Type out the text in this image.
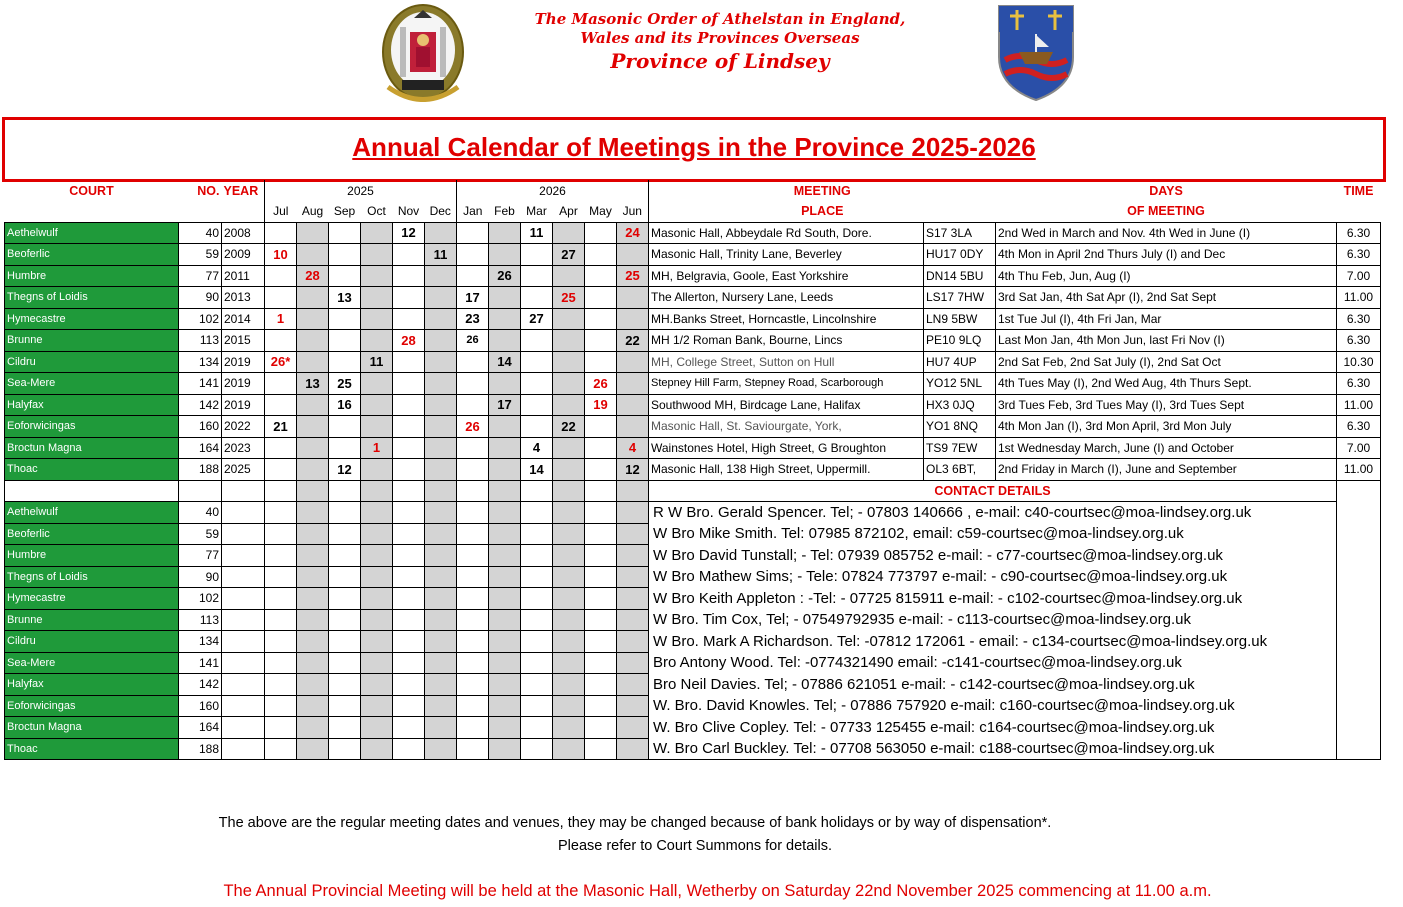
The Masonic Order of Athelstan in England,
Wales and its Provinces Overseas
Province of Lindsey
Annual Calendar of Meetings in the Province 2025-2026
COURT	NO.	YEAR	2025						2026						MEETING		DAYS	TIME
			Jul	Aug	Sep	Oct	Nov	Dec	Jan	Feb	Mar	Apr	May	Jun	PLACE		OF MEETING	
Aethelwulf	40	2008					12				11			24	Masonic Hall, Abbeydale Rd South, Dore.	S17 3LA	2nd Wed in March and Nov. 4th Wed in June (I)	6.30
Beoferlic	59	2009	10					11				27			Masonic Hall, Trinity Lane, Beverley	HU17 0DY	4th Mon in April 2nd Thurs July (I) and Dec	6.30
Humbre	77	2011		28						26				25	MH, Belgravia, Goole, East Yorkshire	DN14 5BU	4th Thu Feb, Jun, Aug (I)	7.00
Thegns of Loidis	90	2013			13				17			25			The Allerton, Nursery Lane, Leeds	LS17 7HW	3rd Sat Jan, 4th Sat Apr (I), 2nd Sat Sept	11.00
Hymecastre	102	2014	1						23		27				MH.Banks Street, Horncastle, Lincolnshire	LN9 5BW	1st Tue Jul (I), 4th Fri Jan, Mar	6.30
Brunne	113	2015					28		26					22	MH 1/2 Roman Bank, Bourne, Lincs	PE10 9LQ	Last Mon Jan, 4th Mon Jun, last Fri Nov (I)	6.30
Cildru	134	2019	26*			11				14					MH, College Street, Sutton on Hull	HU7 4UP	2nd Sat Feb, 2nd Sat July (I), 2nd Sat Oct	10.30
Sea-Mere	141	2019		13	25								26		Stepney Hill Farm, Stepney Road, Scarborough	YO12 5NL	4th Tues May (I), 2nd Wed Aug, 4th Thurs Sept.	6.30
Halyfax	142	2019			16					17			19		Southwood MH, Birdcage Lane, Halifax	HX3 0JQ	3rd Tues Feb, 3rd Tues May (I), 3rd Tues Sept	11.00
Eoforwicingas	160	2022	21						26			22			Masonic Hall, St. Saviourgate, York,	YO1 8NQ	4th Mon Jan (I), 3rd Mon April, 3rd Mon July	6.30
Broctun Magna	164	2023				1					4			4	Wainstones Hotel, High Street, G Broughton	TS9 7EW	1st Wednesday March, June (I) and October	7.00
Thoac	188	2025			12						14			12	Masonic Hall, 138 High Street, Uppermill.	OL3 6BT,	2nd Friday in March (I), June and September	11.00
															CONTACT DETAILS			
Aethelwulf	40														R W Bro. Gerald Spencer. Tel; - 07803 140666 , e-mail: c40-courtsec@moa-lindsey.org.uk			
Beoferlic	59														W Bro Mike Smith. Tel: 07985 872102, email: c59-courtsec@moa-lindsey.org.uk			
Humbre	77														W Bro David Tunstall; - Tel: 07939 085752 e-mail: - c77-courtsec@moa-lindsey.org.uk			
Thegns of Loidis	90														W Bro Mathew Sims; - Tele: 07824 773797 e-mail: - c90-courtsec@moa-lindsey.org.uk			
Hymecastre	102														W Bro Keith Appleton : -Tel: - 07725 815911 e-mail: - c102-courtsec@moa-lindsey.org.uk			
Brunne	113														W Bro. Tim Cox, Tel; - 07549792935 e-mail: - c113-courtsec@moa-lindsey.org.uk			
Cildru	134														W Bro. Mark A Richardson. Tel: -07812 172061 - email: - c134-courtsec@moa-lindsey.org.uk			
Sea-Mere	141														Bro Antony Wood. Tel: -0774321490 email: -c141-courtsec@moa-lindsey.org.uk			
Halyfax	142														Bro Neil Davies. Tel; - 07886 621051 e-mail: - c142-courtsec@moa-lindsey.org.uk			
Eoforwicingas	160														W. Bro. David Knowles. Tel; - 07886 757920 e-mail: c160-courtsec@moa-lindsey.org.uk			
Broctun Magna	164														W. Bro Clive Copley. Tel: - 07733 125455 e-mail: c164-courtsec@moa-lindsey.org.uk			
Thoac	188														W. Bro Carl Buckley. Tel: - 07708 563050 e-mail: c188-courtsec@moa-lindsey.org.uk			
The above are the regular meeting dates and venues, they may be changed because of bank holidays or by way of dispensation*.
Please refer to Court Summons for details.
The Annual Provincial Meeting will be held at the Masonic Hall, Wetherby on Saturday 22nd November 2025 commencing at 11.00 a.m.
